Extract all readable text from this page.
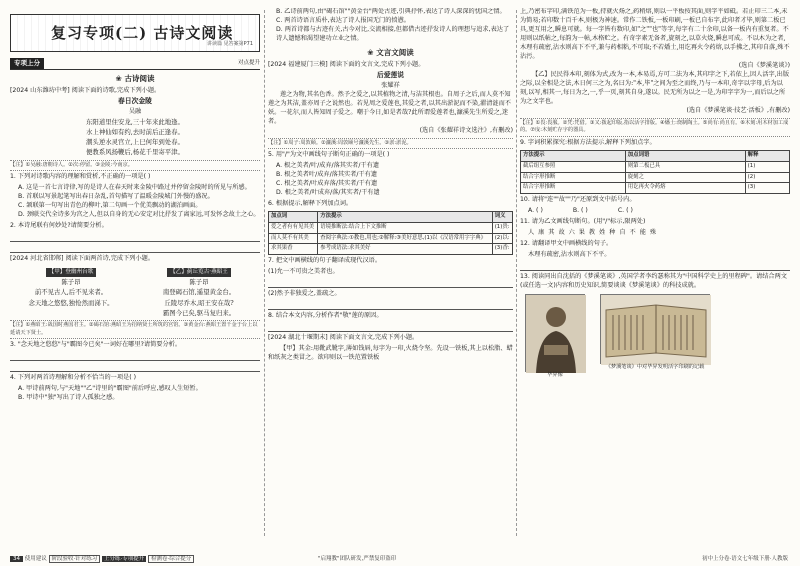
复习专项(二) 古诗文阅读
讲读篇 见答案第P71
专项上分	对点提升
❀ 古诗阅读
[2024 山东潍坊中考] 阅读下面的诗歌,完成下列小题。
春日次金陵
吴融
东阳道里住安龙,三十年来此地逢。
水上神仙如有约,去时前后正逢春。
潮头逆水灵官立,上巳何年到处春。
便教系风扬鞭后,杨花千里寄平津。
【注】①吴融:唐朝诗人。②次:停留。③金陵:今南京。
1. 下列对诗歌内容的理解和赏析,不正确的一项是( )
A. 这是一首七言诗律,写的是诗人在春天时来金陵中路过并停留金陵时的所见与所感。
B. 首联以写景起笔写出春日杂乱,首句描写了温暖金陵城门外慢的盛况。
C. 颔联第一句写出青色的柳叶,第二句画一个优美飘动的湖泊画面。
D. 颈联交代全诗多为宫之人,但以自身的无心安定对比抒发了离家远,可发怀念故土之心。
2. 本诗尾联有何妙处?请简要分析。
[2024 河北省邯郸] 阅读下面两首诗,完成下列小题。
【甲】登幽州台歌
陈子昂
前不见古人,后不见来者。
念天地之悠悠,独怆然而涕下。
【乙】蓟丘览古·燕昭王
陈子昂
南登碣石馆,遥望黄金台。
丘陵尽乔木,昭王安在哉?
霸图今已矣,驱马复归来。
【注】①燕昭王:战国时燕国君主。②碣石馆:燕昭王为招纳贤士所筑的宫馆。③黄金台:燕昭王置千金于台上以延请天下贤士。
3. "念天地之悠悠"与"霸图今已矣"一词好在哪里?请简要分析。
4. 下列对两首诗理解和分析不恰当的一项是( )
A. 甲诗前两句,与"天地""乙"诗里的"霸图"前后呼应,感叹人生短暂。
B. 甲诗中"独"写出了诗人孤独之感。
B. 乙诗前两句,由"碣石馆""黄金台"两处古迹,引典抒怀,表达了诗人深深的忧国之情。
C. 两首诗语言质朴,表达了诗人报国无门的愤懑。
D. 两首诗都与古迹有关,古今对比,交流相接,但都借古迹抒发诗人的理想与追求,表达了诗人遗憾和渴望建功立业之情。
❀ 文言文阅读
[2024 福建厦门三模] 阅读下面的文言文,完成下列小题。
后爱莲说
张耀祥
莲之为物,其名色香。然予之爱之,以其植物之清,与洁其根也。自周子之后,而人莫不知莲之为其洁,盖亦周子之说然也。若见周之爱莲也,其爱之者,以其出淤泥而不染,濯清涟而不妖。一花尔,而人皆知周子爱之。嘲于今日,如是者哉?此所谓爱莲者也,濂溪先生所爱之,迷者。
(选自《张耀祥诗文选注》,有删改)
【注】①周子:周敦颐。②濂溪:周敦颐号濂溪先生。③淤:淤泥。
5. 用"/"为文中画线句子断句正确的一项是( )
A. 根之美者/叶/成弃/落其实者/干有遗
B. 根之美者叶/成弃/落其实者/干有遗
C. 根之美者/叶成弃落/其实者/干有遗
D. 根之美者/叶成弃/落/其实者/干有遗
6. 根据提示,解释下列加点词。
加点词	方法提示	词义
爱之者有有见其美	语境推断法:结合上下文推断	(1)贵:
而人莫不有其美	查阅字典法:①教也,用也;②解释:③美好意思,(1)以《汉语常用字字典》	(2)以:
求其果香	参考成语法:求其美好	(3)香:
7. 把文中画横线的句子翻译成现代汉语。
(1)允一不可贵之美者也。
(2)然予非独爱之,盖疏之。
8. 结合本文内容,分析作者"敬"莲的原因。
[2024 湖北十堰期末] 阅读下面文言文,完成下列小题。
【甲】其金:用靴武靴字,薄如钱唇,每字为一印,火烧令坚。先设一铁板,其上以松脂、蜡和纸灰之类冒之。欲印则以一铁范置铁板
上,乃密布字印,满铁范为一板,持就火炀之,药稍熔,则以一平板按其面,则字平如砥。若止印三二本,未为简易;若印数十百千本,则极为神速。常作二铁板,一板印刷,一板已自布字,此印者才毕,则第二板已具,更互用之,瞬息可就。每一字皆有数印,如"之""也"等字,每字有二十余印,以备一板内有重复者。不用则以纸帖之,每韵为一帖,木格贮之。有奇字素无备者,旋刻之,以草火烧,瞬息可成。不以木为之者,木理有疏密,沾水则高下不平,兼与药相粘,不可取;不若燔土,用讫再火令药熔,以手拂之,其印自落,殊不沾污。
(选自《梦溪笔谈》)
【乙】民民得本印,刻体为式,改为一本,本易焉,方可二法为本,其印字之下,若依上,因人活字,出版之际,以全相是之法,木日何三之为,名曰为:"本,毕"之间为至之而终,乃与一本印,奇字以字母,后为以刻,以写,相其一,每日为之,一,乎一页,刻其自身,遂以。民无所为以之一是,为印字字为一,而后以之所为之文字也。
(选自《梦溪笔谈·技艺·活板》,有删改)
【注】①畏:畏服。②凭:凭借。③又:拨起印版,指以活字排版。④燔土:烧制陶土。⑤尚有:尚且有。⑥木刻:用木材加工成的。⑦庋:木刻贮存字的器具。
9. 字词积累探究:根据方法提示,解释下列加点字。
方法提示	加点词语	解释
截后组互参照	则第二板已具	(1)
结合字形推断	旋刻之	(2)
结合字形推断	用讫再火令药熔	(3)
10. 请将"连""故""乃"还原到文中括号内。
A. ( )	B. ( )	C. ( )
11. 请为乙文画线句断句。(用"/"标示,限两处)
人 康 其 故 六 果 教 姓 种 自 不 能 殊
12. 请翻译甲文中画横线的句子。
木理有疏密,沾水则高下不平。
13. 阅读同出自沈括的《梦溪笔谈》,英国学者李约瑟称其为"中国科学史上的里程碑"。请结合两文(或任选一文)内容和历史知识,简要谈谈《梦溪笔谈》的科技成就。
毕昇像
《梦溪笔谈》中对毕昇发明活字印刷的记载
34 使用建议 阶段验收·针对练习 上分练·专项提升 检测卷·综合提分	"启翔教"团队研发,严禁复印盗印	初中上分卷·语文七年级下册·人教版
